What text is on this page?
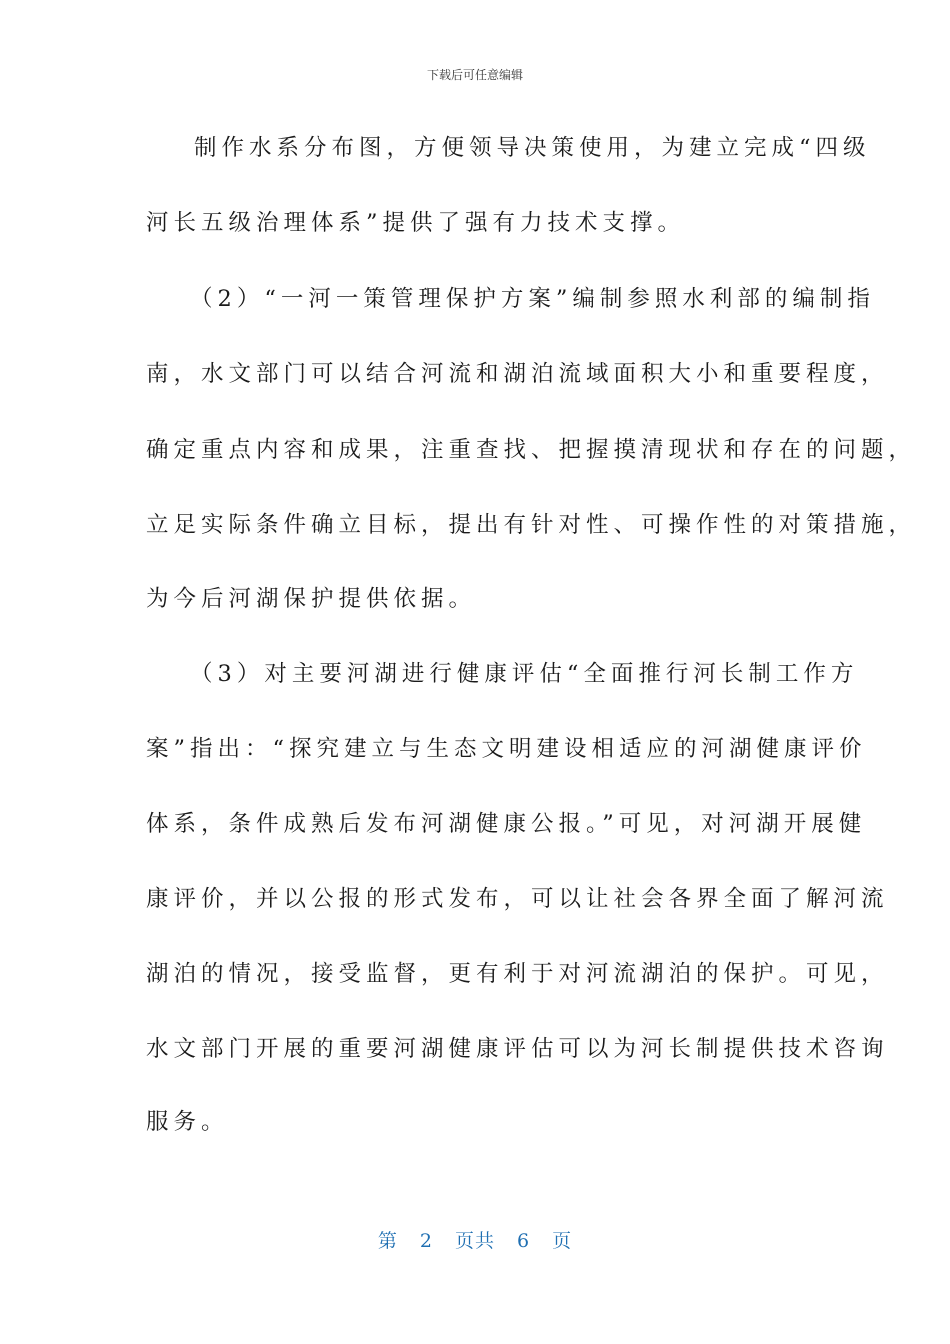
下载后可任意编辑
制作水系分布图，方便领导决策使用，为建立完成“四级
河长五级治理体系”提供了强有力技术支撑。
（2）“一河一策管理保护方案”编制参照水利部的编制指
南，水文部门可以结合河流和湖泊流域面积大小和重要程度，
确定重点内容和成果，注重查找、把握摸清现状和存在的问题，
立足实际条件确立目标，提出有针对性、可操作性的对策措施，
为今后河湖保护提供依据。
（3）对主要河湖进行健康评估“全面推行河长制工作方
案”指出：“探究建立与生态文明建设相适应的河湖健康评价
体系，条件成熟后发布河湖健康公报。”可见，对河湖开展健
康评价，并以公报的形式发布，可以让社会各界全面了解河流
湖泊的情况，接受监督，更有利于对河流湖泊的保护。可见，
水文部门开展的重要河湖健康评估可以为河长制提供技术咨询
服务。
第 2 页共 6 页
